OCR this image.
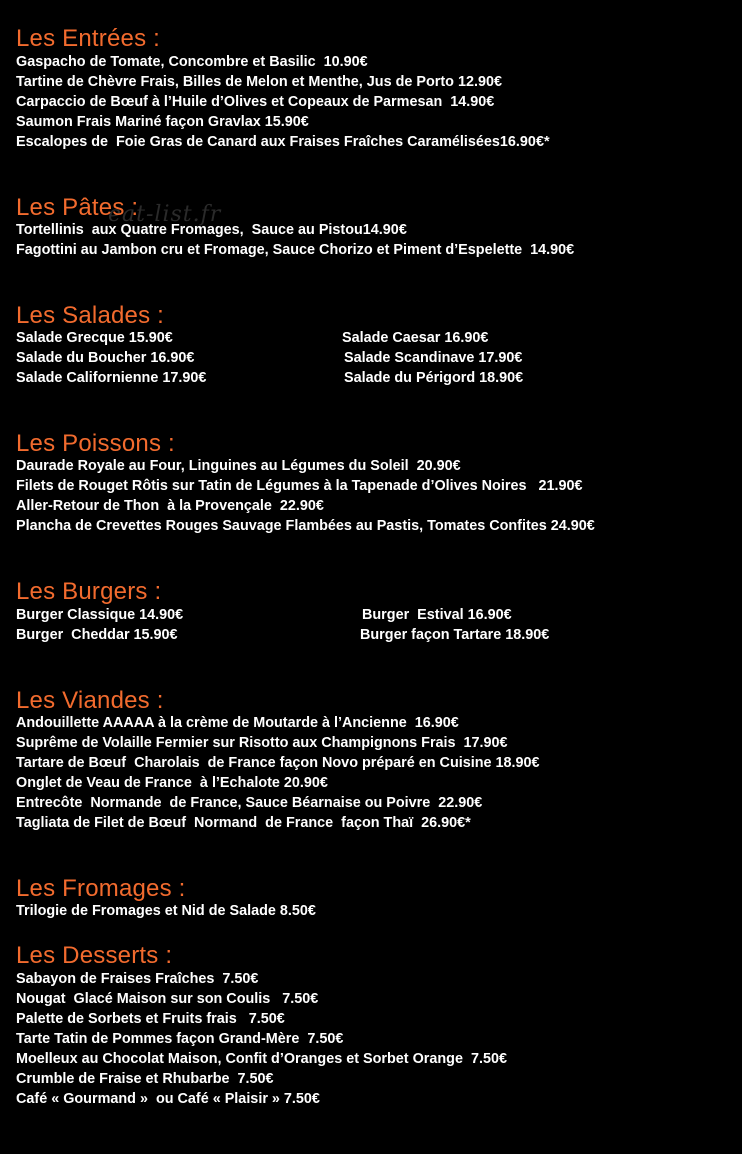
eat-list.fr
Les Entrées :

Gaspacho de Tomate, Concombre et Basilic  10.90€

Tartine de Chèvre Frais, Billes de Melon et Menthe, Jus de Porto 12.90€

Carpaccio de Bœuf à l’Huile d’Olives et Copeaux de Parmesan  14.90€

Saumon Frais Mariné façon Gravlax 15.90€

Escalopes de  Foie Gras de Canard aux Fraises Fraîches Caramélisées16.90€*

Les Pâtes :

Tortellinis  aux Quatre Fromages,  Sauce au Pistou14.90€

Fagottini au Jambon cru et Fromage, Sauce Chorizo et Piment d’Espelette  14.90€

Les Salades :

Salade Grecque 15.90€

Salade du Boucher 16.90€

Salade Californienne 17.90€

Salade Caesar 16.90€

Salade Scandinave 17.90€

Salade du Périgord 18.90€

Les Poissons :

Daurade Royale au Four, Linguines au Légumes du Soleil  20.90€

Filets de Rouget Rôtis sur Tatin de Légumes à la Tapenade d’Olives Noires   21.90€

Aller-Retour de Thon  à la Provençale  22.90€

Plancha de Crevettes Rouges Sauvage Flambées au Pastis, Tomates Confites 24.90€

Les Burgers :

Burger Classique 14.90€

Burger  Cheddar 15.90€

Burger  Estival 16.90€

Burger façon Tartare 18.90€

Les Viandes :

Andouillette AAAAA à la crème de Moutarde à l’Ancienne  16.90€

Suprême de Volaille Fermier sur Risotto aux Champignons Frais  17.90€

Tartare de Bœuf  Charolais  de France façon Novo préparé en Cuisine 18.90€

Onglet de Veau de France  à l’Echalote 20.90€

Entrecôte  Normande  de France, Sauce Béarnaise ou Poivre  22.90€

Tagliata de Filet de Bœuf  Normand  de France  façon Thaï  26.90€*

Les Fromages :

Trilogie de Fromages et Nid de Salade 8.50€

Les Desserts :

Sabayon de Fraises Fraîches  7.50€

Nougat  Glacé Maison sur son Coulis   7.50€

Palette de Sorbets et Fruits frais   7.50€

Tarte Tatin de Pommes façon Grand-Mère  7.50€

Moelleux au Chocolat Maison, Confit d’Oranges et Sorbet Orange  7.50€

Crumble de Fraise et Rhubarbe  7.50€

Café « Gourmand »  ou Café « Plaisir » 7.50€
